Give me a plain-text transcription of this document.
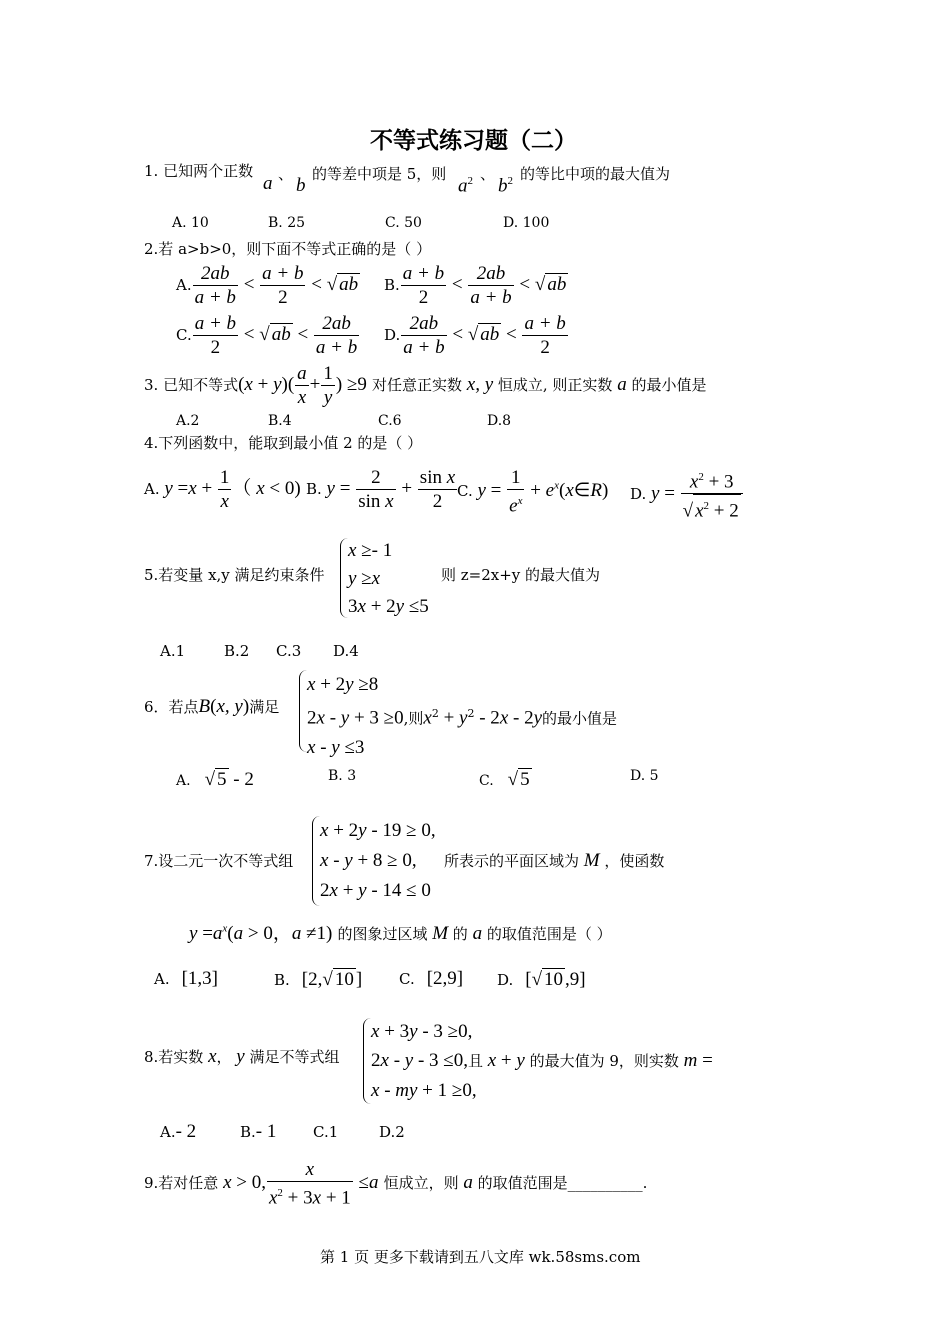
不等式练习题（二）
1. 已知两个正数
a 、
b
的等差中项是 5，则
$a^2$ 、
$b^2$ 的等比中项的最大值为
A. 10	B. 25	C. 50	D. 100
2.若 a>b>0，则下面不等式正确的是（ ）
A. $\frac{2ab}{a + b} < \frac{a + b}{2}$ < √ ab B. $\frac{a + b}{2} < \frac{2ab}{a + b}$ < √ ab
C. $\frac{a + b}{2}$ < √ ab < $\frac{2ab}{a + b} D$. $\frac{2ab}{a + b}$ < √ ab < $\frac{a + b}{2}$
3. 已知不等式$(x + y)( \frac{a}{x} + \frac{1}{y}$ ) ≥9 对任意正实数 x, y 恒成立, 则正实数 a 的最小值是
A.2	B.4	C.6	D.8
4.下列函数中，能取到最小值 2 的是（ ）
A. $y =x + \frac{1}{x}$ （ x < 0) B. $y = \frac{2}{\text{sin x}} + \frac{\text{sin x}}{2} C$. $y = \frac{1}{e^x}$ + $e^x(x\in R)$ D. $y = \frac{x^2 + 3}{√ x^2 + 2}$
5.若变量 x,y 满足约束条件
x ≥- 1
y ≥x
3x + 2y ≤5
则 z=2x+y 的最大值为
A.1	B.2 C.3 D.4
6．若点B(x, y)满足
x + 2y ≥8
2x - y + 3 ≥0,则$x^2 + y^2 - 2x - 2y$的最小值是
x - y ≤3
A. √ 5 - 2	B. 3	C. √ 5	D. 5
7.设二元一次不等式组
x + 2y - 19 ≥ 0,
x - y + 8 ≥ 0,
2x + y - 14 ≤ 0
所表示的平面区域为 M ，使函数
$y =a^x(a > 0$，a ≠1) 的图象过区域 M 的 a 的取值范围是（ ）
A. [1,3]	B. [2,√ 10 ] C. [2,9] D. [√ 10 ,9]
8.若实数 x， y 满足不等式组
x + 3y - 3 ≥0,
2x - y - 3 ≤0,且 x + y 的最大值为 9，则实数 m =
x - my + 1 ≥0,
A.- 2	B.- 1 C.1	D.2
9.若对任意 x > 0, $\frac{x}{x^2 + 3x + 1} \le a$ 恒成立，则 a 的取值范围是__________.
第 1 页 更多下载请到五八文库 wk.58sms.com
